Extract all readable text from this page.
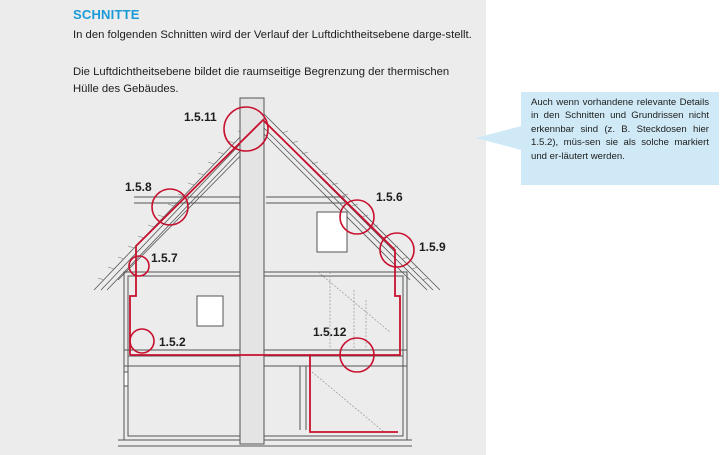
SCHNITTE

In den folgenden Schnitten wird der Verlauf der Luftdichtheitsebene darge-stellt.

Die Luftdichtheitsebene bildet die raumseitige Begrenzung der thermischen Hülle des Gebäudes.

Auch wenn vorhandene relevante Details in den Schnitten und Grundrissen nicht erkennbar sind (z. B. Steckdosen hier 1.5.2), müs-sen sie als solche markiert und er-läutert werden.
1.5.11
1.5.8
1.5.6
1.5.7
1.5.9
1.5.12
1.5.2
